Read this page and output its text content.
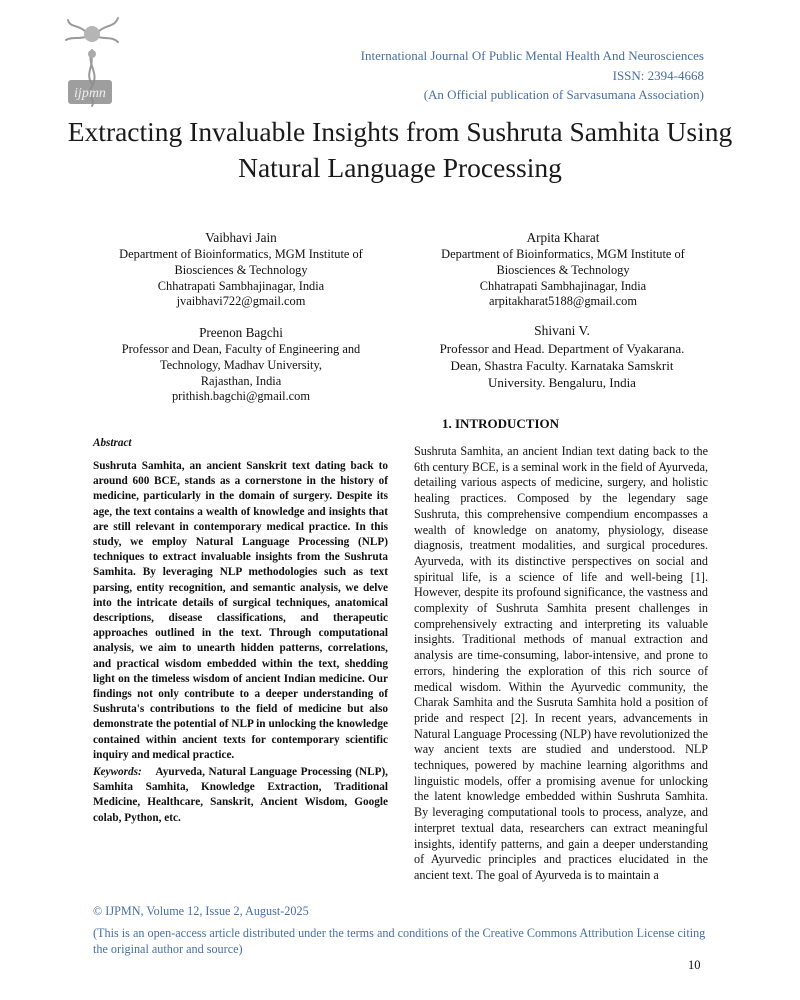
ijpmn
International Journal Of Public Mental Health And Neurosciences
ISSN: 2394-4668
(An Official publication of Sarvasumana Association)
Extracting Invaluable Insights from Sushruta Samhita Using Natural Language Processing
Vaibhavi Jain
Department of Bioinformatics, MGM Institute of
Biosciences & Technology
Chhatrapati Sambhajinagar, India
jvaibhavi722@gmail.com
Arpita Kharat
Department of Bioinformatics, MGM Institute of
Biosciences & Technology
Chhatrapati Sambhajinagar, India
arpitakharat5188@gmail.com
Preenon Bagchi
Professor and Dean, Faculty of Engineering and
Technology, Madhav University,
Rajasthan, India
prithish.bagchi@gmail.com
Shivani V.
Professor and Head. Department of Vyakarana.
Dean, Shastra Faculty. Karnataka Samskrit
University. Bengaluru, India
Abstract
Sushruta Samhita, an ancient Sanskrit text dating back to around 600 BCE, stands as a cornerstone in the history of medicine, particularly in the domain of surgery. Despite its age, the text contains a wealth of knowledge and insights that are still relevant in contemporary medical practice. In this study, we employ Natural Language Processing (NLP) techniques to extract invaluable insights from the Sushruta Samhita. By leveraging NLP methodologies such as text parsing, entity recognition, and semantic analysis, we delve into the intricate details of surgical techniques, anatomical descriptions, disease classifications, and therapeutic approaches outlined in the text. Through computational analysis, we aim to unearth hidden patterns, correlations, and practical wisdom embedded within the text, shedding light on the timeless wisdom of ancient Indian medicine. Our findings not only contribute to a deeper understanding of Sushruta's contributions to the field of medicine but also demonstrate the potential of NLP in unlocking the knowledge contained within ancient texts for contemporary scientific inquiry and medical practice.
Keywords: Ayurveda, Natural Language Processing (NLP), Samhita Samhita, Knowledge Extraction, Traditional Medicine, Healthcare, Sanskrit, Ancient Wisdom, Google colab, Python, etc.
1. INTRODUCTION
Sushruta Samhita, an ancient Indian text dating back to the 6th century BCE, is a seminal work in the field of Ayurveda, detailing various aspects of medicine, surgery, and holistic healing practices. Composed by the legendary sage Sushruta, this comprehensive compendium encompasses a wealth of knowledge on anatomy, physiology, disease diagnosis, treatment modalities, and surgical procedures. Ayurveda, with its distinctive perspectives on social and spiritual life, is a science of life and well-being [1]. However, despite its profound significance, the vastness and complexity of Sushruta Samhita present challenges in comprehensively extracting and interpreting its valuable insights. Traditional methods of manual extraction and analysis are time-consuming, labor-intensive, and prone to errors, hindering the exploration of this rich source of medical wisdom. Within the Ayurvedic community, the Charak Samhita and the Susruta Samhita hold a position of pride and respect [2]. In recent years, advancements in Natural Language Processing (NLP) have revolutionized the way ancient texts are studied and understood. NLP techniques, powered by machine learning algorithms and linguistic models, offer a promising avenue for unlocking the latent knowledge embedded within Sushruta Samhita. By leveraging computational tools to process, analyze, and interpret textual data, researchers can extract meaningful insights, identify patterns, and gain a deeper understanding of Ayurvedic principles and practices elucidated in the ancient text. The goal of Ayurveda is to maintain a
© IJPMN, Volume 12, Issue 2, August-2025
(This is an open-access article distributed under the terms and conditions of the Creative Commons Attribution License citing the original author and source)
10
